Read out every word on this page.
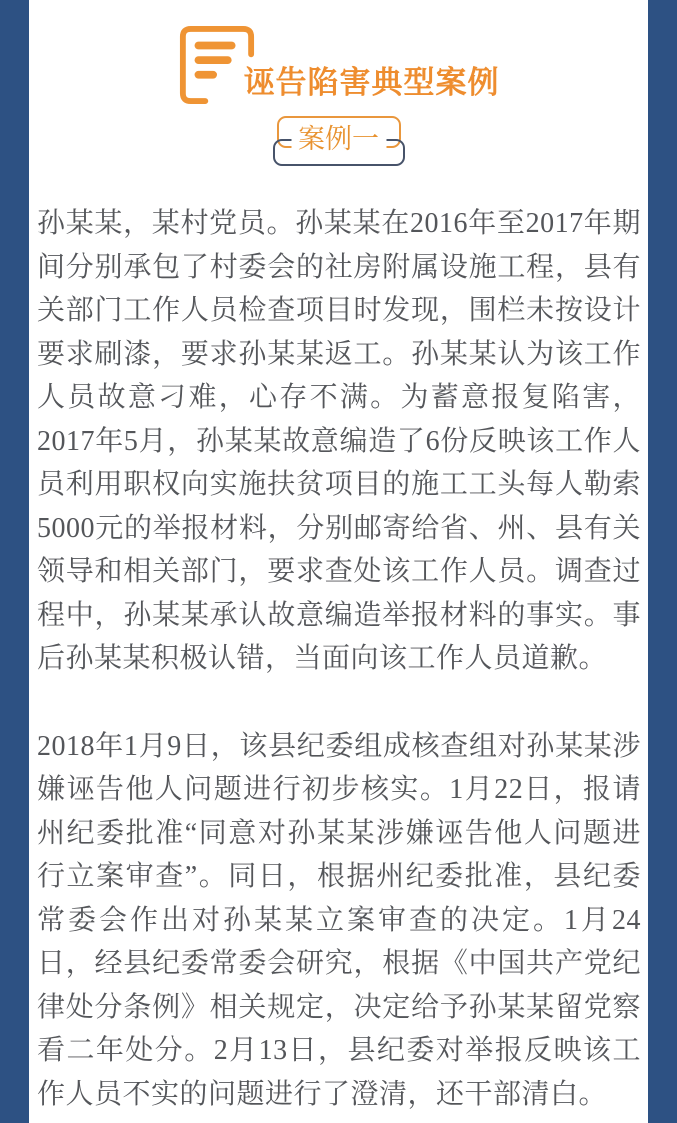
诬告陷害典型案例
案例一

孙某某，某村党员。孙某某在2016年至2017年期间分别承包了村委会的社房附属设施工程，县有关部门工作人员检查项目时发现，围栏未按设计要求刷漆，要求孙某某返工。孙某某认为该工作人员故意刁难，心存不满。为蓄意报复陷害，2017年5月，孙某某故意编造了6份反映该工作人员利用职权向实施扶贫项目的施工工头每人勒索5000元的举报材料，分别邮寄给省、州、县有关领导和相关部门，要求查处该工作人员。调查过程中，孙某某承认故意编造举报材料的事实。事后孙某某积极认错，当面向该工作人员道歉。

2018年1月9日，该县纪委组成核查组对孙某某涉嫌诬告他人问题进行初步核实。1月22日，报请州纪委批准“同意对孙某某涉嫌诬告他人问题进行立案审查”。同日，根据州纪委批准，县纪委常委会作出对孙某某立案审查的决定。1月24日，经县纪委常委会研究，根据《中国共产党纪律处分条例》相关规定，决定给予孙某某留党察看二年处分。2月13日，县纪委对举报反映该工作人员不实的问题进行了澄清，还干部清白。
